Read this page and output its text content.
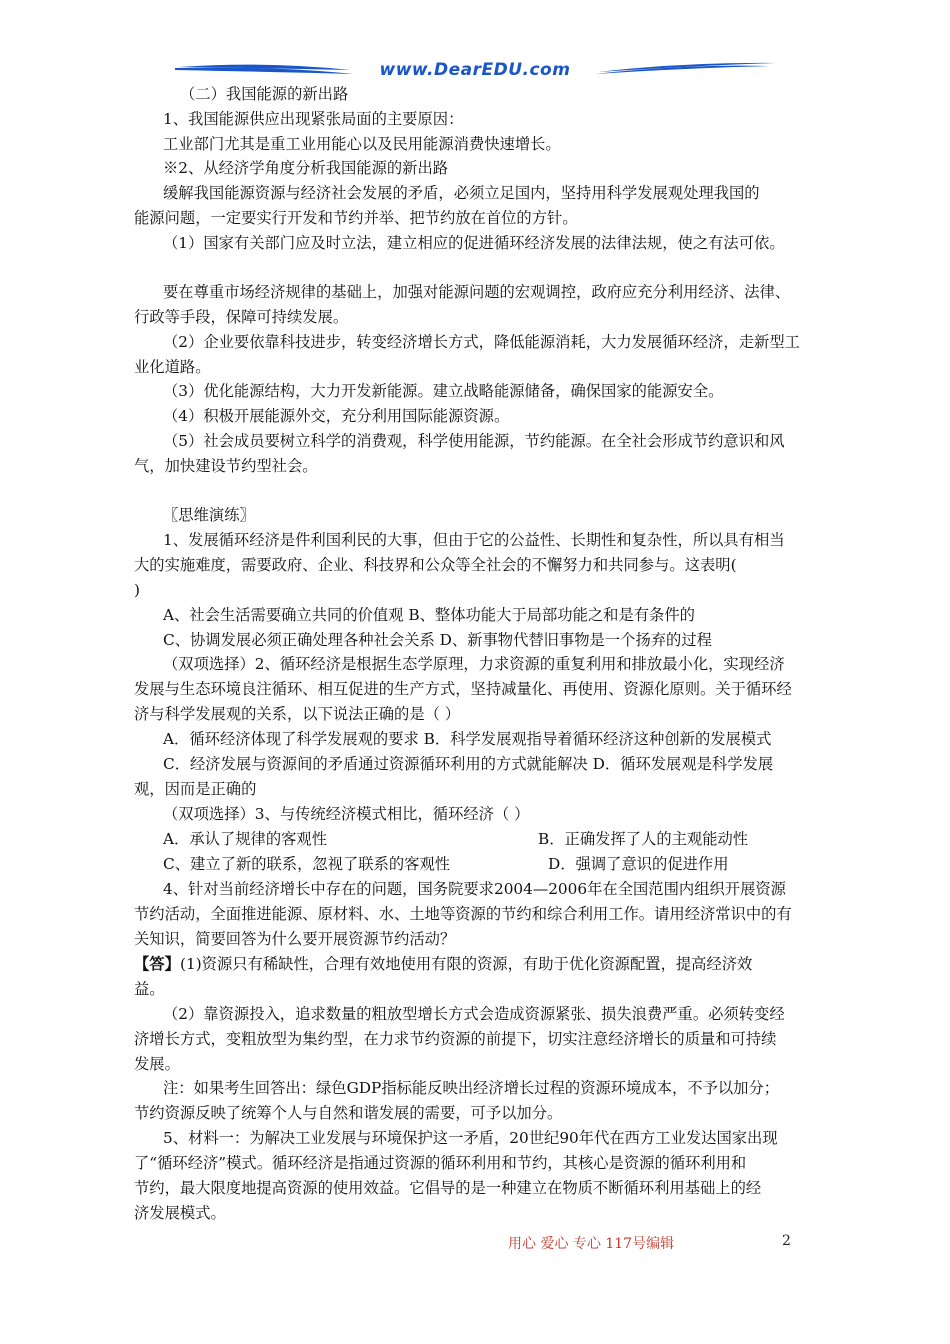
www.DearEDU.com
（二）我国能源的新出路
1、我国能源供应出现紧张局面的主要原因：
工业部门尤其是重工业用能心以及民用能源消费快速增长。
※2、从经济学角度分析我国能源的新出路
缓解我国能源资源与经济社会发展的矛盾，必须立足国内，坚持用科学发展观处理我国的
能源问题，一定要实行开发和节约并举、把节约放在首位的方针。
（1）国家有关部门应及时立法，建立相应的促进循环经济发展的法律法规，使之有法可依。
要在尊重市场经济规律的基础上，加强对能源问题的宏观调控，政府应充分利用经济、法律、
行政等手段，保障可持续发展。
（2）企业要依靠科技进步，转变经济增长方式，降低能源消耗，大力发展循环经济，走新型工
业化道路。
（3）优化能源结构，大力开发新能源。建立战略能源储备，确保国家的能源安全。
（4）积极开展能源外交，充分利用国际能源资源。
（5）社会成员要树立科学的消费观，科学使用能源，节约能源。在全社会形成节约意识和风
气，加快建设节约型社会。
〖思维演练〗
1、发展循环经济是件利国利民的大事，但由于它的公益性、长期性和复杂性，所以具有相当
大的实施难度，需要政府、企业、科技界和公众等全社会的不懈努力和共同参与。这表明(
)
A、社会生活需要确立共同的价值观 B、整体功能大于局部功能之和是有条件的
C、协调发展必须正确处理各种社会关系 D、新事物代替旧事物是一个扬弃的过程
（双项选择）2、循环经济是根据生态学原理，力求资源的重复利用和排放最小化，实现经济
发展与生态环境良注循环、相互促进的生产方式，坚持减量化、再使用、资源化原则。关于循环经
济与科学发展观的关系，以下说法正确的是（ ）
A．循环经济体现了科学发展观的要求 B．科学发展观指导着循环经济这种创新的发展模式
C．经济发展与资源间的矛盾通过资源循环利用的方式就能解决 D．循环发展观是科学发展
观，因而是正确的
（双项选择）3、与传统经济模式相比，循环经济（ ）
A．承认了规律的客观性	B．正确发挥了人的主观能动性
C、建立了新的联系，忽视了联系的客观性	D．强调了意识的促进作用
4、针对当前经济增长中存在的问题，国务院要求2004—2006年在全国范围内组织开展资源
节约活动，全面推进能源、原材料、水、土地等资源的节约和综合利用工作。请用经济常识中的有
关知识，简要回答为什么要开展资源节约活动？
【答】 (1)资源只有稀缺性，合理有效地使用有限的资源，有助于优化资源配置，提高经济效
益。
（2）靠资源投入，追求数量的粗放型增长方式会造成资源紧张、损失浪费严重。必须转变经
济增长方式，变粗放型为集约型，在力求节约资源的前提下，切实注意经济增长的质量和可持续
发展。
注：如果考生回答出：绿色GDP指标能反映出经济增长过程的资源环境成本，不予以加分；
节约资源反映了统筹个人与自然和谐发展的需要，可予以加分。
5、材料一：为解决工业发展与环境保护这一矛盾，20世纪90年代在西方工业发达国家出现
了“循环经济”模式。循环经济是指通过资源的循环利用和节约，其核心是资源的循环利用和
节约，最大限度地提高资源的使用效益。它倡导的是一种建立在物质不断循环利用基础上的经
济发展模式。
用心 爱心 专心 117号编辑	2
